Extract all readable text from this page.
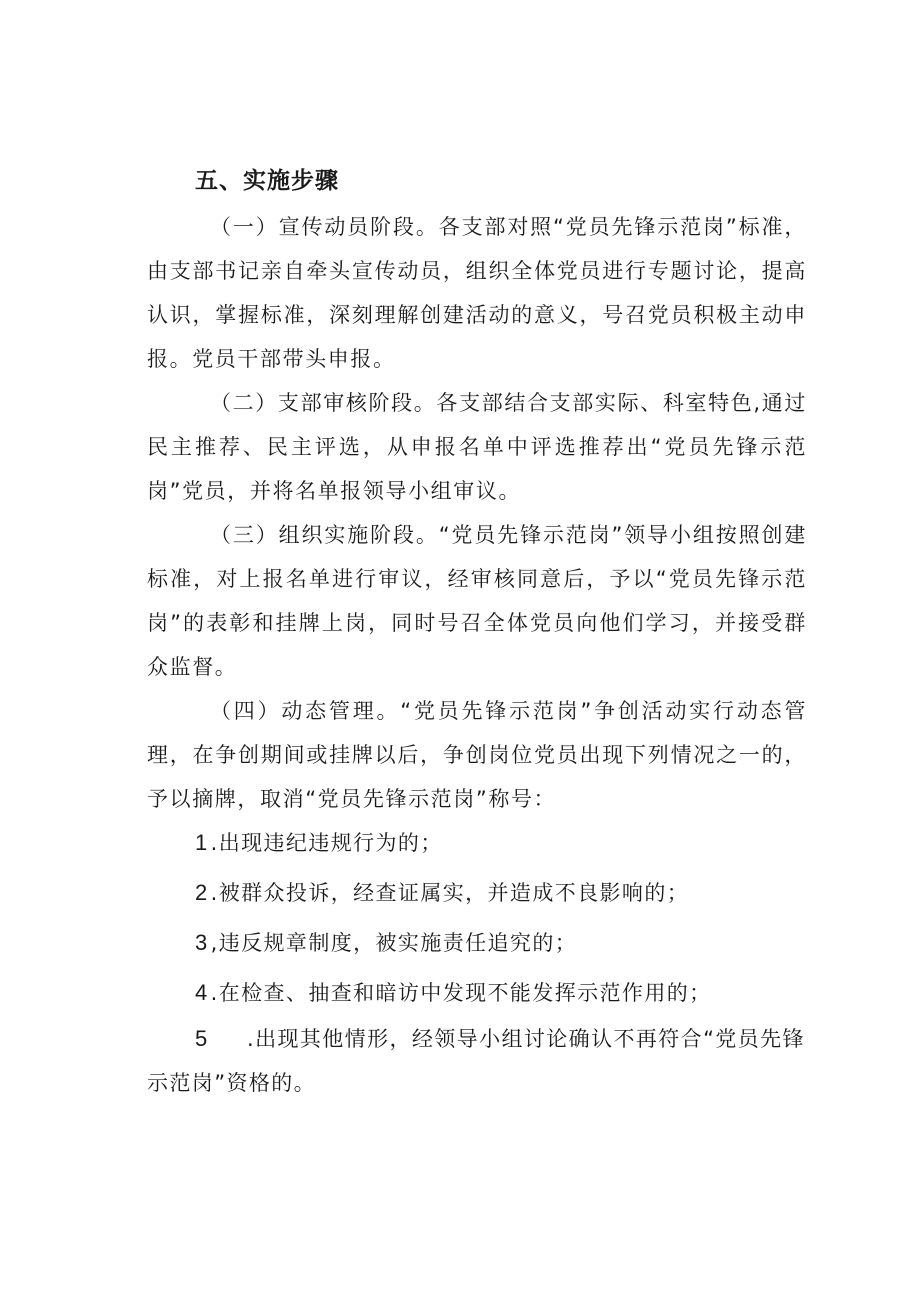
五、实施步骤

（一）宣传动员阶段。各支部对照“党员先锋示范岗”标准，由支部书记亲自牵头宣传动员，组织全体党员进行专题讨论，提高认识，掌握标准，深刻理解创建活动的意义，号召党员积极主动申报。党员干部带头申报。

（二）支部审核阶段。各支部结合支部实际、科室特色,通过民主推荐、民主评选，从申报名单中评选推荐出“党员先锋示范岗”党员，并将名单报领导小组审议。

（三）组织实施阶段。“党员先锋示范岗”领导小组按照创建标准，对上报名单进行审议，经审核同意后，予以“党员先锋示范岗”的表彰和挂牌上岗，同时号召全体党员向他们学习，并接受群众监督。

（四）动态管理。“党员先锋示范岗”争创活动实行动态管理，在争创期间或挂牌以后，争创岗位党员出现下列情况之一的，予以摘牌，取消“党员先锋示范岗”称号：

1.出现违纪违规行为的；

2.被群众投诉，经查证属实，并造成不良影响的；

3,违反规章制度，被实施责任追究的；

4.在检查、抽查和暗访中发现不能发挥示范作用的；

5 .出现其他情形，经领导小组讨论确认不再符合“党员先锋示范岗”资格的。
